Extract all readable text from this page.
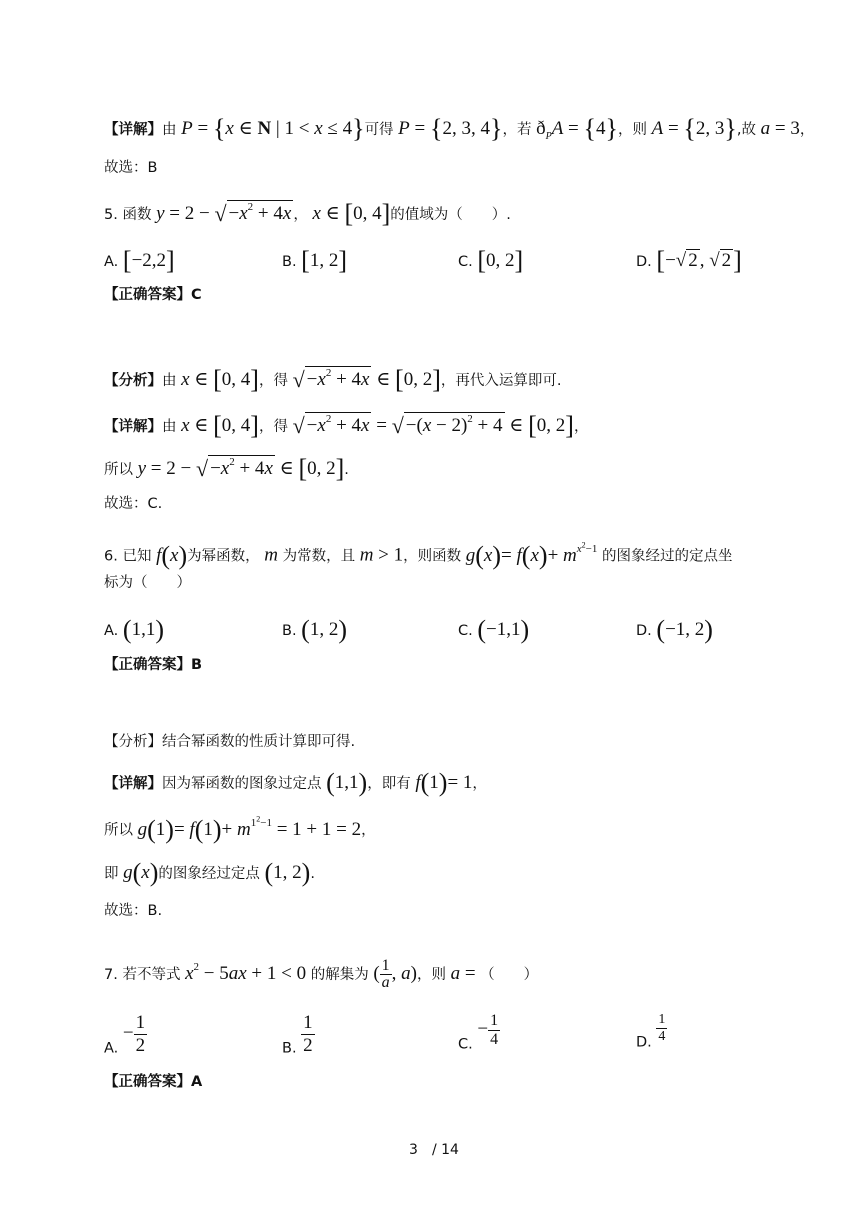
【详解】由 P = {x ∈ N | 1 < x ≤ 4}可得 P = {2, 3, 4}，若 $ð_PA = \{4\}$，则 A = {2, 3},故 a = 3，
故选：B
5. 函数 y = 2 − √ $-x^2 + 4x$ ， x ∈ [0, 4]的值域为（　　）.
A. [−2,2]	B. [1, 2]	C. [0, 2]	D. [−√ 2 , √ 2]
【正确答案】C
【分析】由 x ∈ [0, 4]，得 √ $-x^2 + 4x$ ∈ [0, 2]，再代入运算即可.
【详解】由 x ∈ [0, 4]，得 √ $-x^2 + 4x$ = √ $-(x - 2)^2 + 4$ ∈ [0, 2]，
所以 y = 2 − √ $-x^2 + 4x$ ∈ [0, 2].
故选：C.
6. 已知 f(x)为幂函数， m 为常数，且 m > 1，则函数 $g(x)= f(x)+ m^{x^2-1}$ 的图象经过的定点坐
标为（　　）
A. (1,1)	B. (1, 2)	C. (−1,1)	D. (−1, 2)
【正确答案】B
【分析】结合幂函数的性质计算即可得.
【详解】因为幂函数的图象过定点 (1,1)，即有 f(1)= 1，
所以 $g(1)= f(1)+ m^{1^2-1} = 1 + 1 = 2$，
即 g(x)的图象经过定点 (1, 2).
故选：B.
7. 若不等式 $x^2 - 5ax + 1 < 0$ 的解集为 ( $\frac{1}{a}$ , a)，则 a = （　　）
A. − $\frac{1}{2}$	B. $\frac{1}{2}$	C. − $\frac{1}{4}$	D. $\frac{1}{4}$
【正确答案】A
3　/ 14
